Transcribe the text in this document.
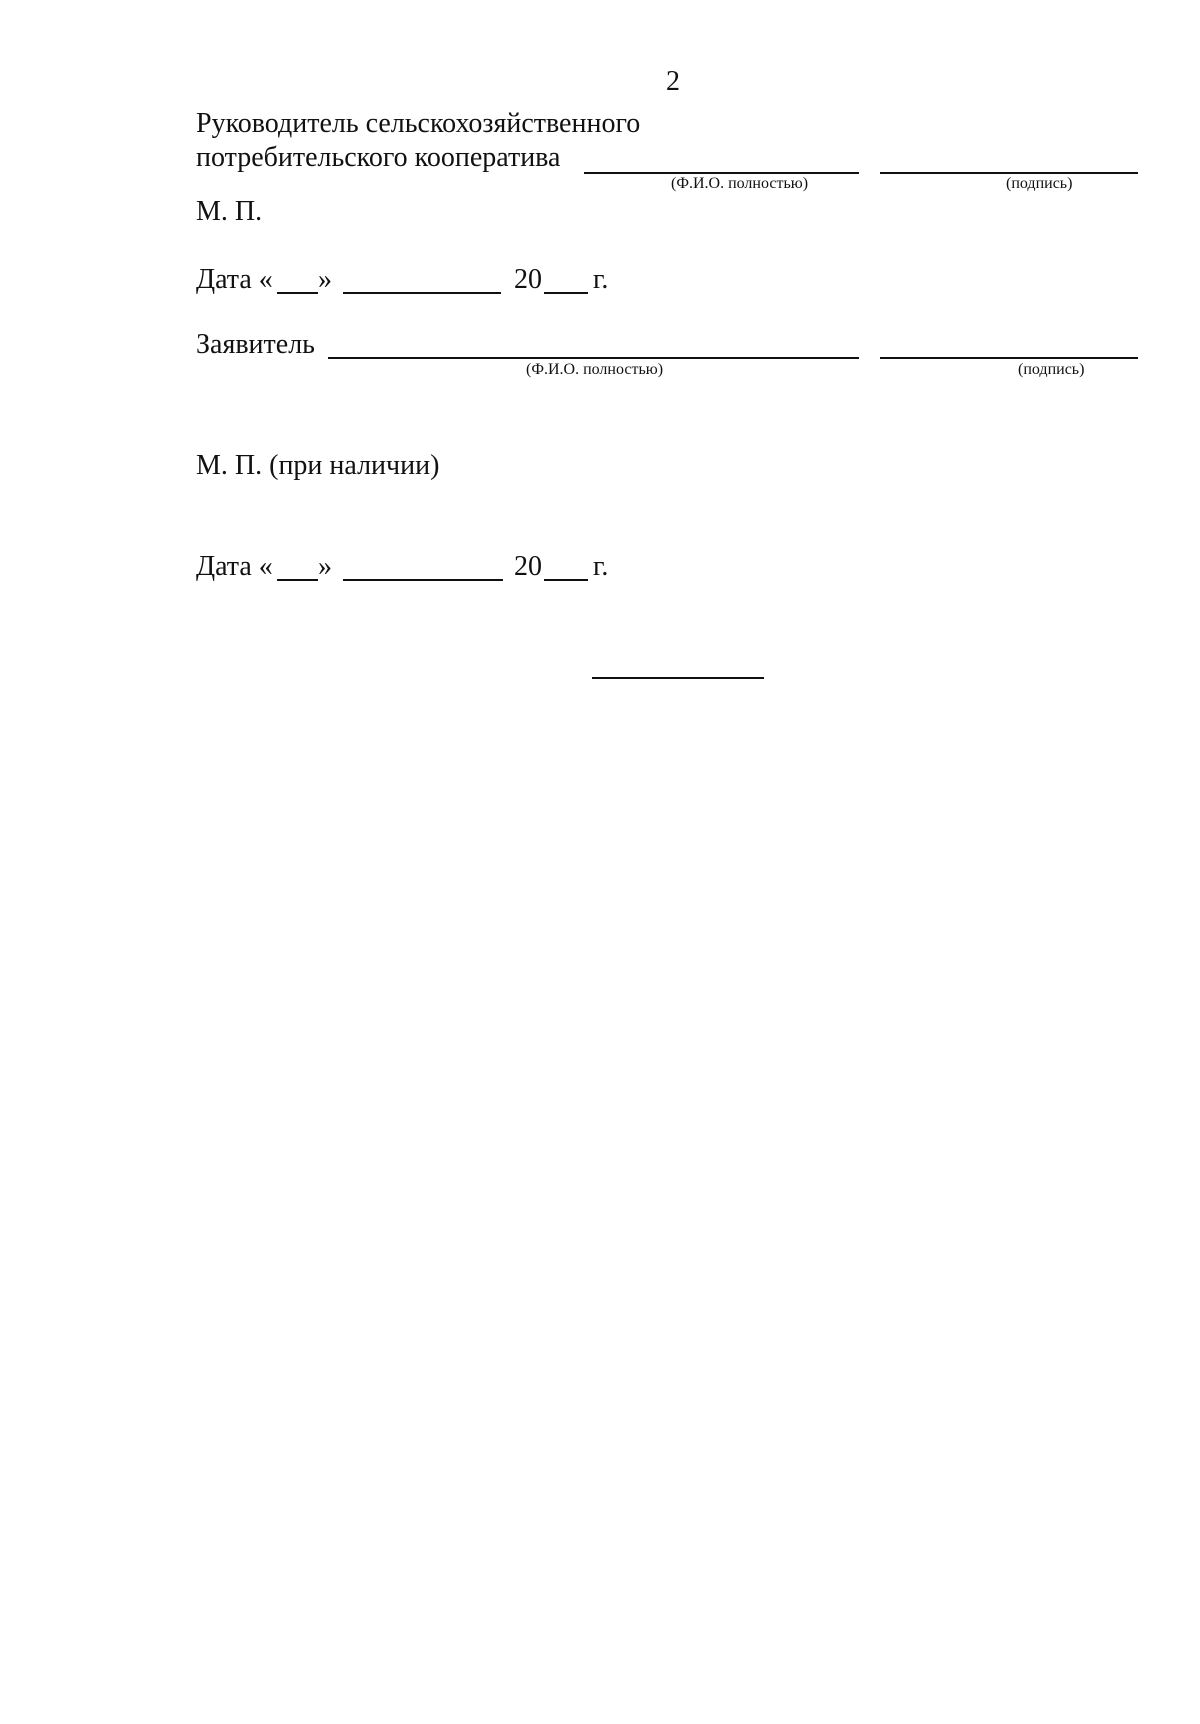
2
Руководитель сельскохозяйственного
потребительского кооператива
(Ф.И.О. полностью)	(подпись)
М. П.
Дата « »	20 г.
Заявитель
(Ф.И.О. полностью)	(подпись)
М. П. (при наличии)
Дата « »	20 г.
